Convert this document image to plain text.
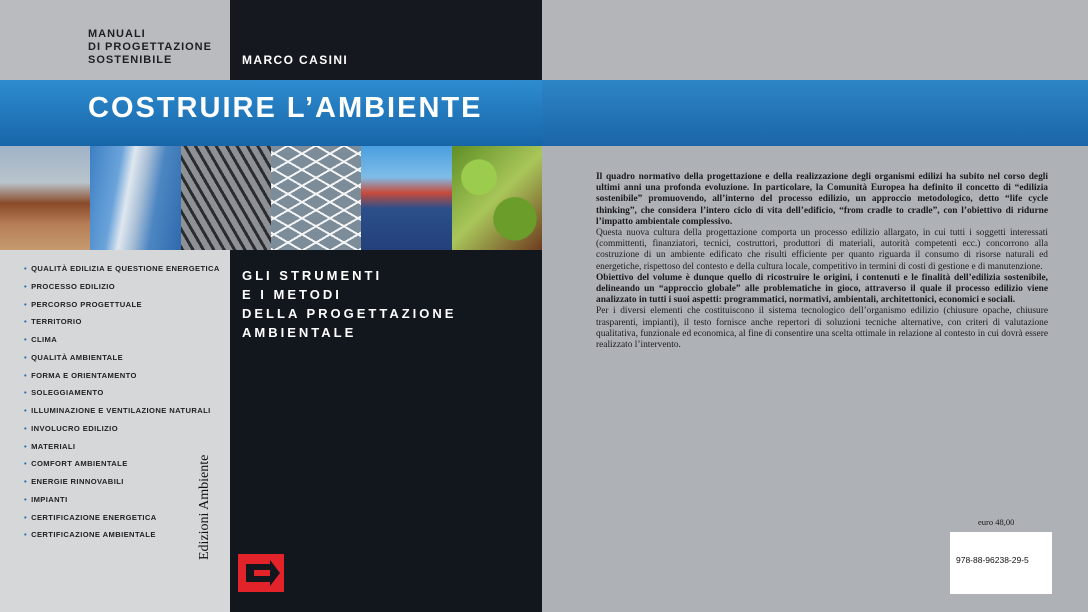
MANUALI
DI PROGETTAZIONE
SOSTENIBILE	MARCO CASINI
COSTRUIRE L’AMBIENTE
• QUALITÀ EDILIZIA E QUESTIONE ENERGETICA
• PROCESSO EDILIZIO
• PERCORSO PROGETTUALE
• TERRITORIO
• CLIMA
• QUALITÀ AMBIENTALE
• FORMA E ORIENTAMENTO
• SOLEGGIAMENTO
• ILLUMINAZIONE E VENTILAZIONE NATURALI
• INVOLUCRO EDILIZIO
• MATERIALI
• COMFORT AMBIENTALE
• ENERGIE RINNOVABILI
• IMPIANTI
• CERTIFICAZIONE ENERGETICA
• CERTIFICAZIONE AMBIENTALE
GLI STRUMENTI
E I METODI
DELLA PROGETTAZIONE
AMBIENTALE

Il quadro normativo della progettazione e della realizzazione degli organismi edilizi ha subito nel corso degli ultimi anni una profonda evoluzione. In particolare, la Comunità Europea ha definito il concetto di “edilizia sostenibile” promuovendo, all’interno del processo edilizio, un approccio metodologico, detto “life cycle thinking”, che considera l’intero ciclo di vita dell’edificio, “from cradle to cradle”, con l’obiettivo di ridurne l’impatto ambientale complessivo.

Questa nuova cultura della progettazione comporta un processo edilizio allargato, in cui tutti i soggetti interessati (committenti, finanziatori, tecnici, costruttori, produttori di materiali, autorità competenti ecc.) concorrono alla costruzione di un ambiente edificato che risulti efficiente per quanto riguarda il consumo di risorse naturali ed energetiche, rispettoso del contesto e della cultura locale, competitivo in termini di costi di gestione e di manutenzione.

Obiettivo del volume è dunque quello di ricostruire le origini, i contenuti e le finalità dell’edilizia sostenibile, delineando un “approccio globale” alle problematiche in gioco, attraverso il quale il processo edilizio viene analizzato in tutti i suoi aspetti: programmatici, normativi, ambientali, architettonici, economici e sociali.

Per i diversi elementi che costituiscono il sistema tecnologico dell’organismo edilizio (chiusure opache, chiusure trasparenti, impianti), il testo fornisce anche repertori di soluzioni tecniche alternative, con criteri di valutazione qualitativa, funzionale ed economica, al fine di consentire una scelta ottimale in relazione al contesto in cui dovrà essere realizzato l’intervento.

euro 48,00
978-88-96238-29-5
